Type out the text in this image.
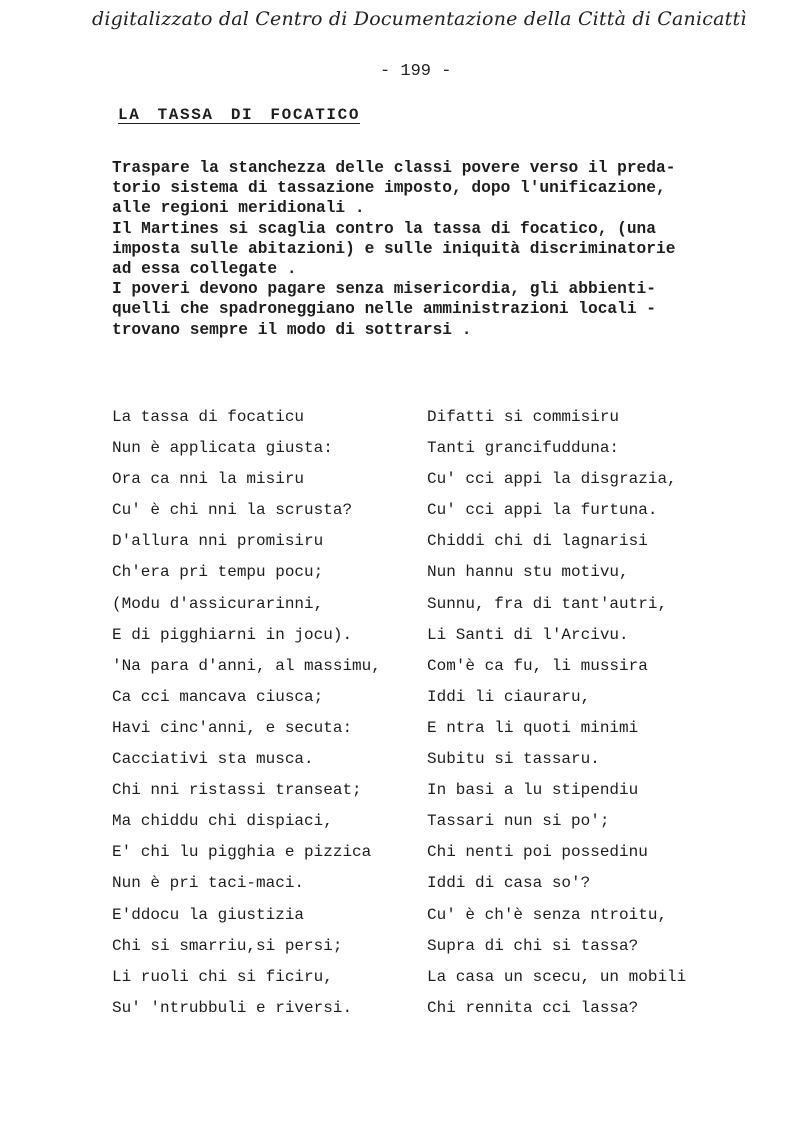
digitalizzato dal Centro di Documentazione della Città di Canicattì
- 199 -
LA TASSA DI FOCATICO

Traspare la stanchezza delle classi povere verso il preda-

torio sistema di tassazione imposto, dopo l'unificazione,

alle regioni meridionali .

Il Martines si scaglia contro la tassa di focatico, (una

imposta sulle abitazioni) e sulle iniquità discriminatorie

ad essa collegate .

I poveri devono pagare senza misericordia, gli abbienti-

quelli che spadroneggiano nelle amministrazioni locali -

trovano sempre il modo di sottrarsi .

La tassa di focaticu

Nun è applicata giusta:

Ora ca nni la misiru

Cu' è chi nni la scrusta?

D'allura nni promisiru

Ch'era pri tempu pocu;

(Modu d'assicurarinni,

E di pigghiarni in jocu).

'Na para d'anni, al massimu,

Ca cci mancava ciusca;

Havi cinc'anni, e secuta:

Cacciativi sta musca.

Chi nni ristassi transeat;

Ma chiddu chi dispiaci,

E' chi lu pigghia e pizzica

Nun è pri taci-maci.

E'ddocu la giustizia

Chi si smarriu,si persi;

Li ruoli chi si ficiru,

Su' 'ntrubbuli e riversi.

Difatti si commisiru

Tanti grancifudduna:

Cu' cci appi la disgrazia,

Cu' cci appi la furtuna.

Chiddi chi di lagnarisi

Nun hannu stu motivu,

Sunnu, fra di tant'autri,

Li Santi di l'Arcivu.

Com'è ca fu, li mussira

Iddi li ciauraru,

E ntra li quoti minimi

Subitu si tassaru.

In basi a lu stipendiu

Tassari nun si po';

Chi nenti poi possedinu

Iddi di casa so'?

Cu' è ch'è senza ntroitu,

Supra di chi si tassa?

La casa un scecu, un mobili

Chi rennita cci lassa?
